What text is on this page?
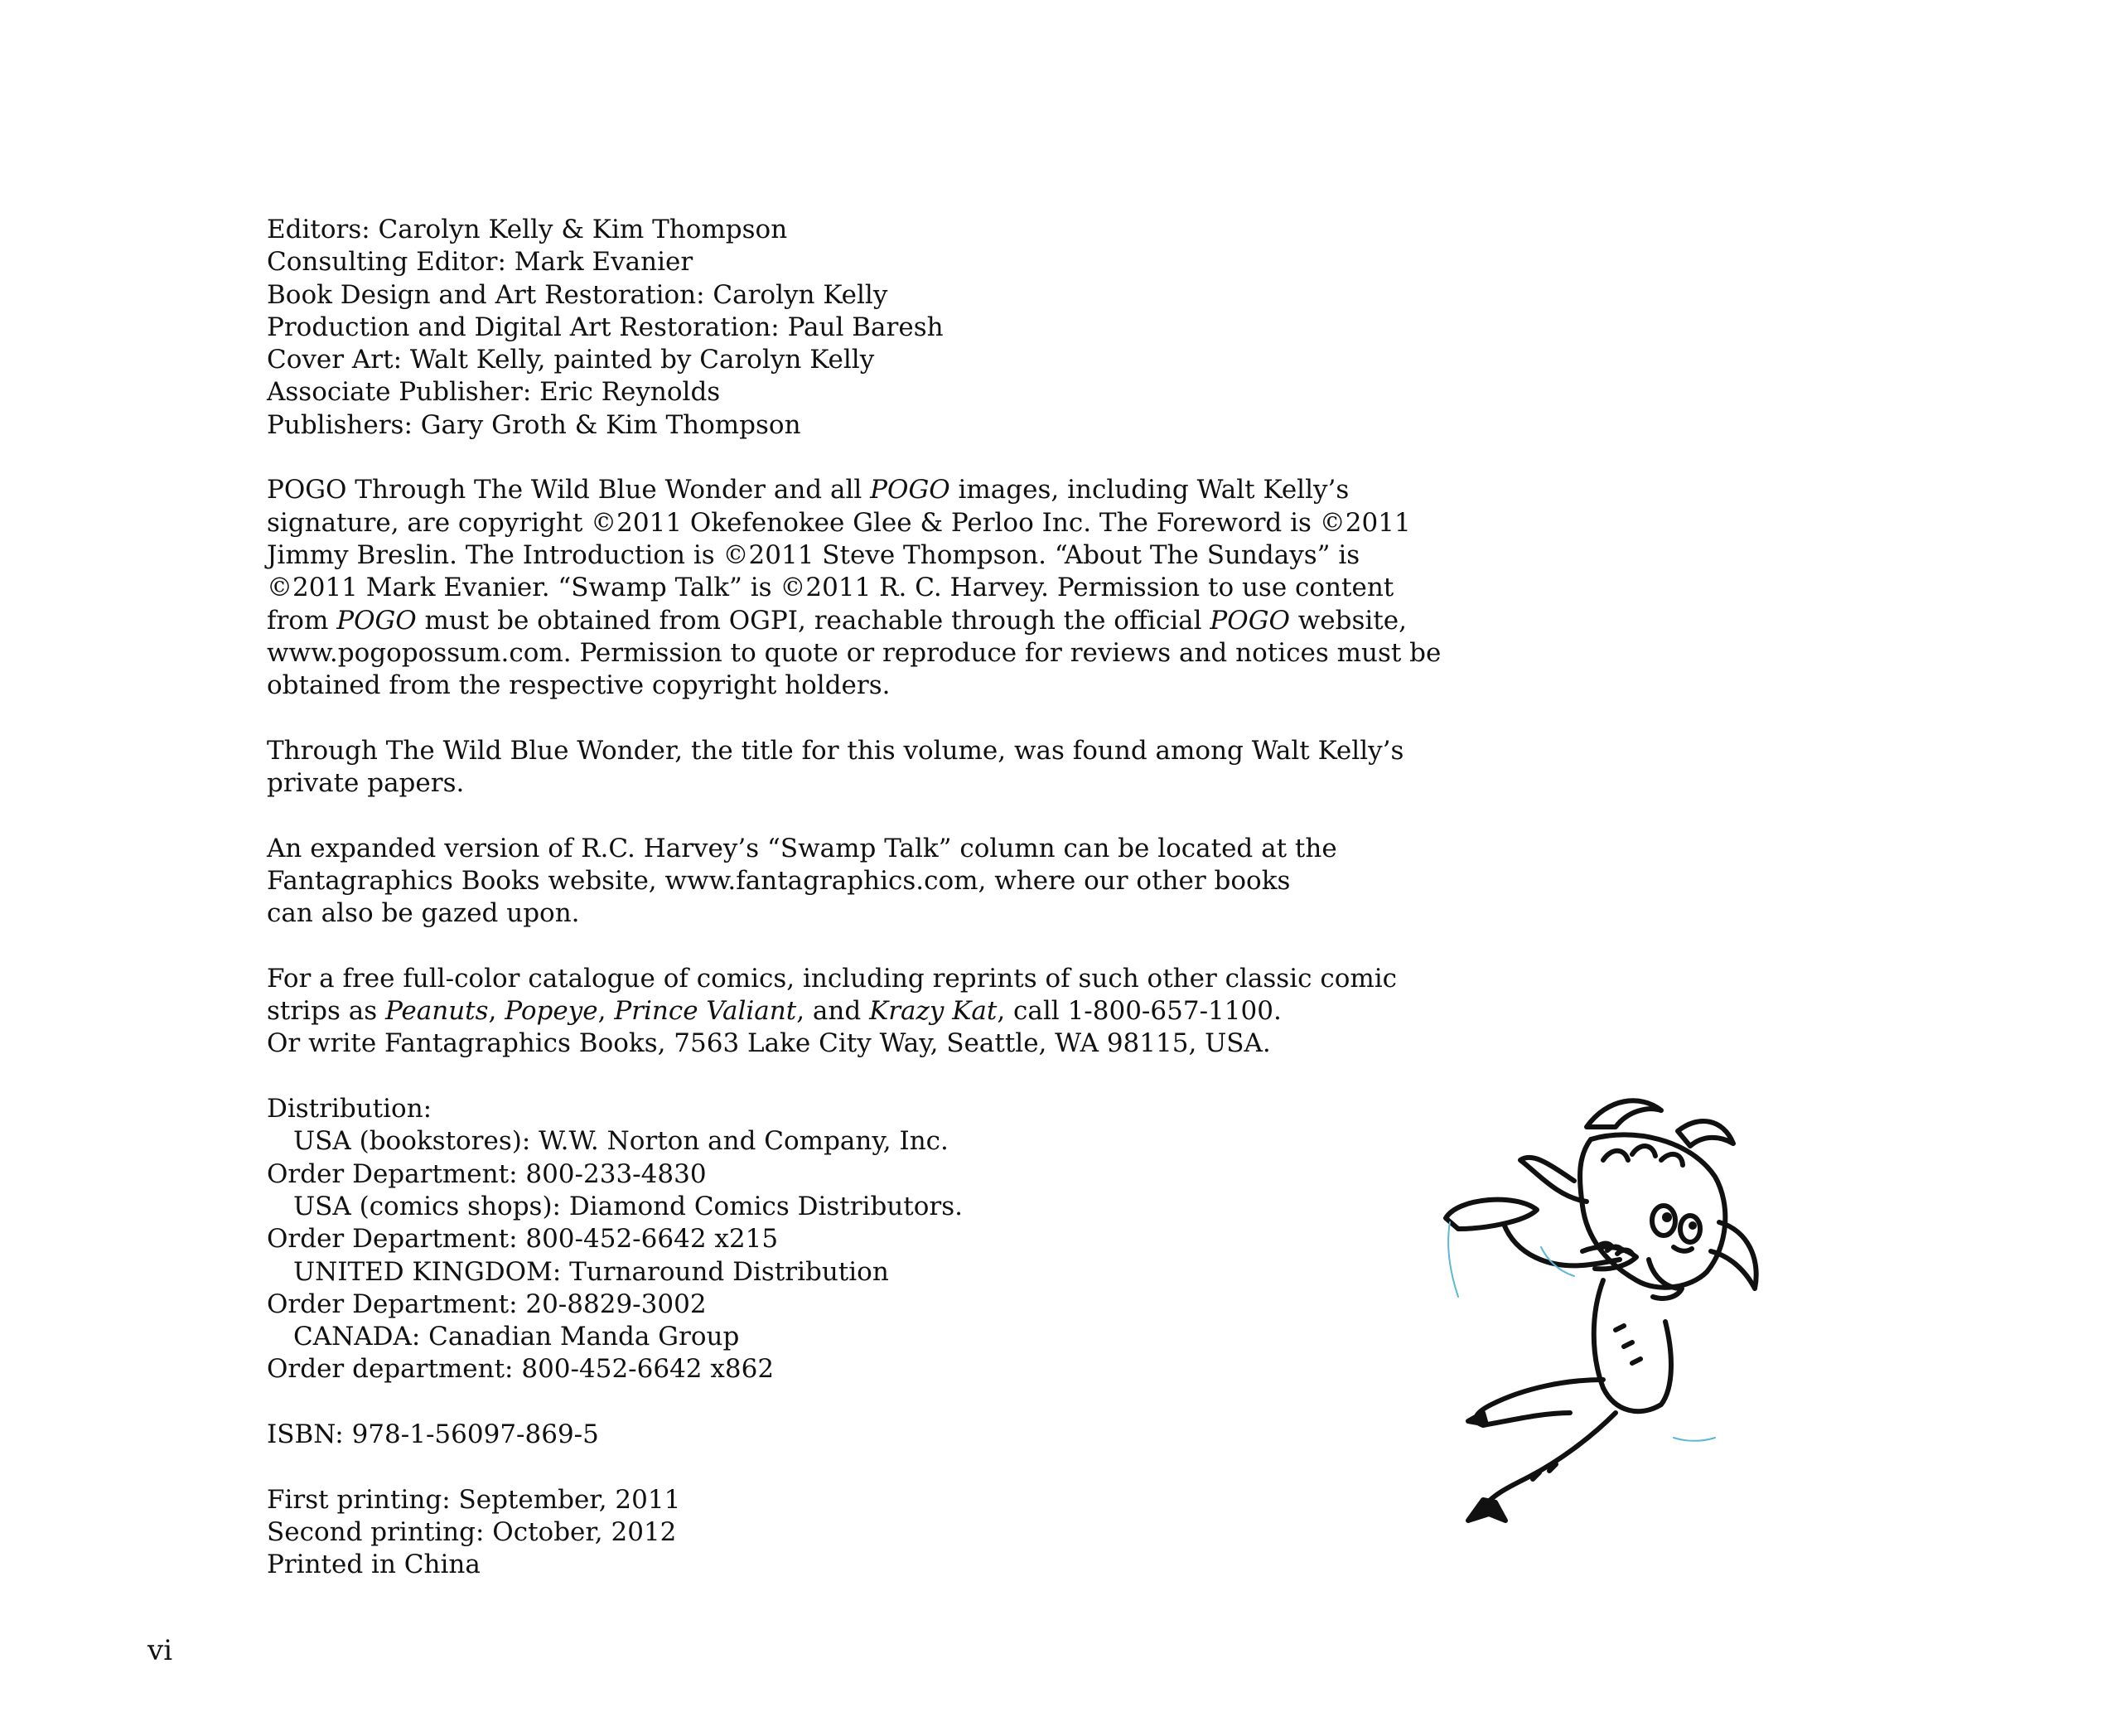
Editors: Carolyn Kelly & Kim Thompson
Consulting Editor: Mark Evanier
Book Design and Art Restoration: Carolyn Kelly
Production and Digital Art Restoration: Paul Baresh
Cover Art: Walt Kelly, painted by Carolyn Kelly
Associate Publisher: Eric Reynolds
Publishers: Gary Groth & Kim Thompson
POGO Through The Wild Blue Wonder and all POGO images, including Walt Kelly’s
signature, are copyright ©2011 Okefenokee Glee & Perloo Inc. The Foreword is ©2011
Jimmy Breslin. The Introduction is ©2011 Steve Thompson. “About The Sundays” is
©2011 Mark Evanier. “Swamp Talk” is ©2011 R. C. Harvey. Permission to use content
from POGO must be obtained from OGPI, reachable through the official POGO website,
www.pogopossum.com. Permission to quote or reproduce for reviews and notices must be
obtained from the respective copyright holders.
Through The Wild Blue Wonder, the title for this volume, was found among Walt Kelly’s
private papers.
An expanded version of R.C. Harvey’s “Swamp Talk” column can be located at the
Fantagraphics Books website, www.fantagraphics.com, where our other books
can also be gazed upon.
For a free full-color catalogue of comics, including reprints of such other classic comic
strips as Peanuts, Popeye, Prince Valiant, and Krazy Kat, call 1-800-657-1100.
Or write Fantagraphics Books, 7563 Lake City Way, Seattle, WA 98115, USA.
Distribution:
USA (bookstores): W.W. Norton and Company, Inc.
Order Department: 800-233-4830
USA (comics shops): Diamond Comics Distributors.
Order Department: 800-452-6642 x215
UNITED KINGDOM: Turnaround Distribution
Order Department: 20-8829-3002
CANADA: Canadian Manda Group
Order department: 800-452-6642 x862
ISBN: 978-1-56097-869-5
First printing: September, 2011
Second printing: October, 2012
Printed in China
vi
